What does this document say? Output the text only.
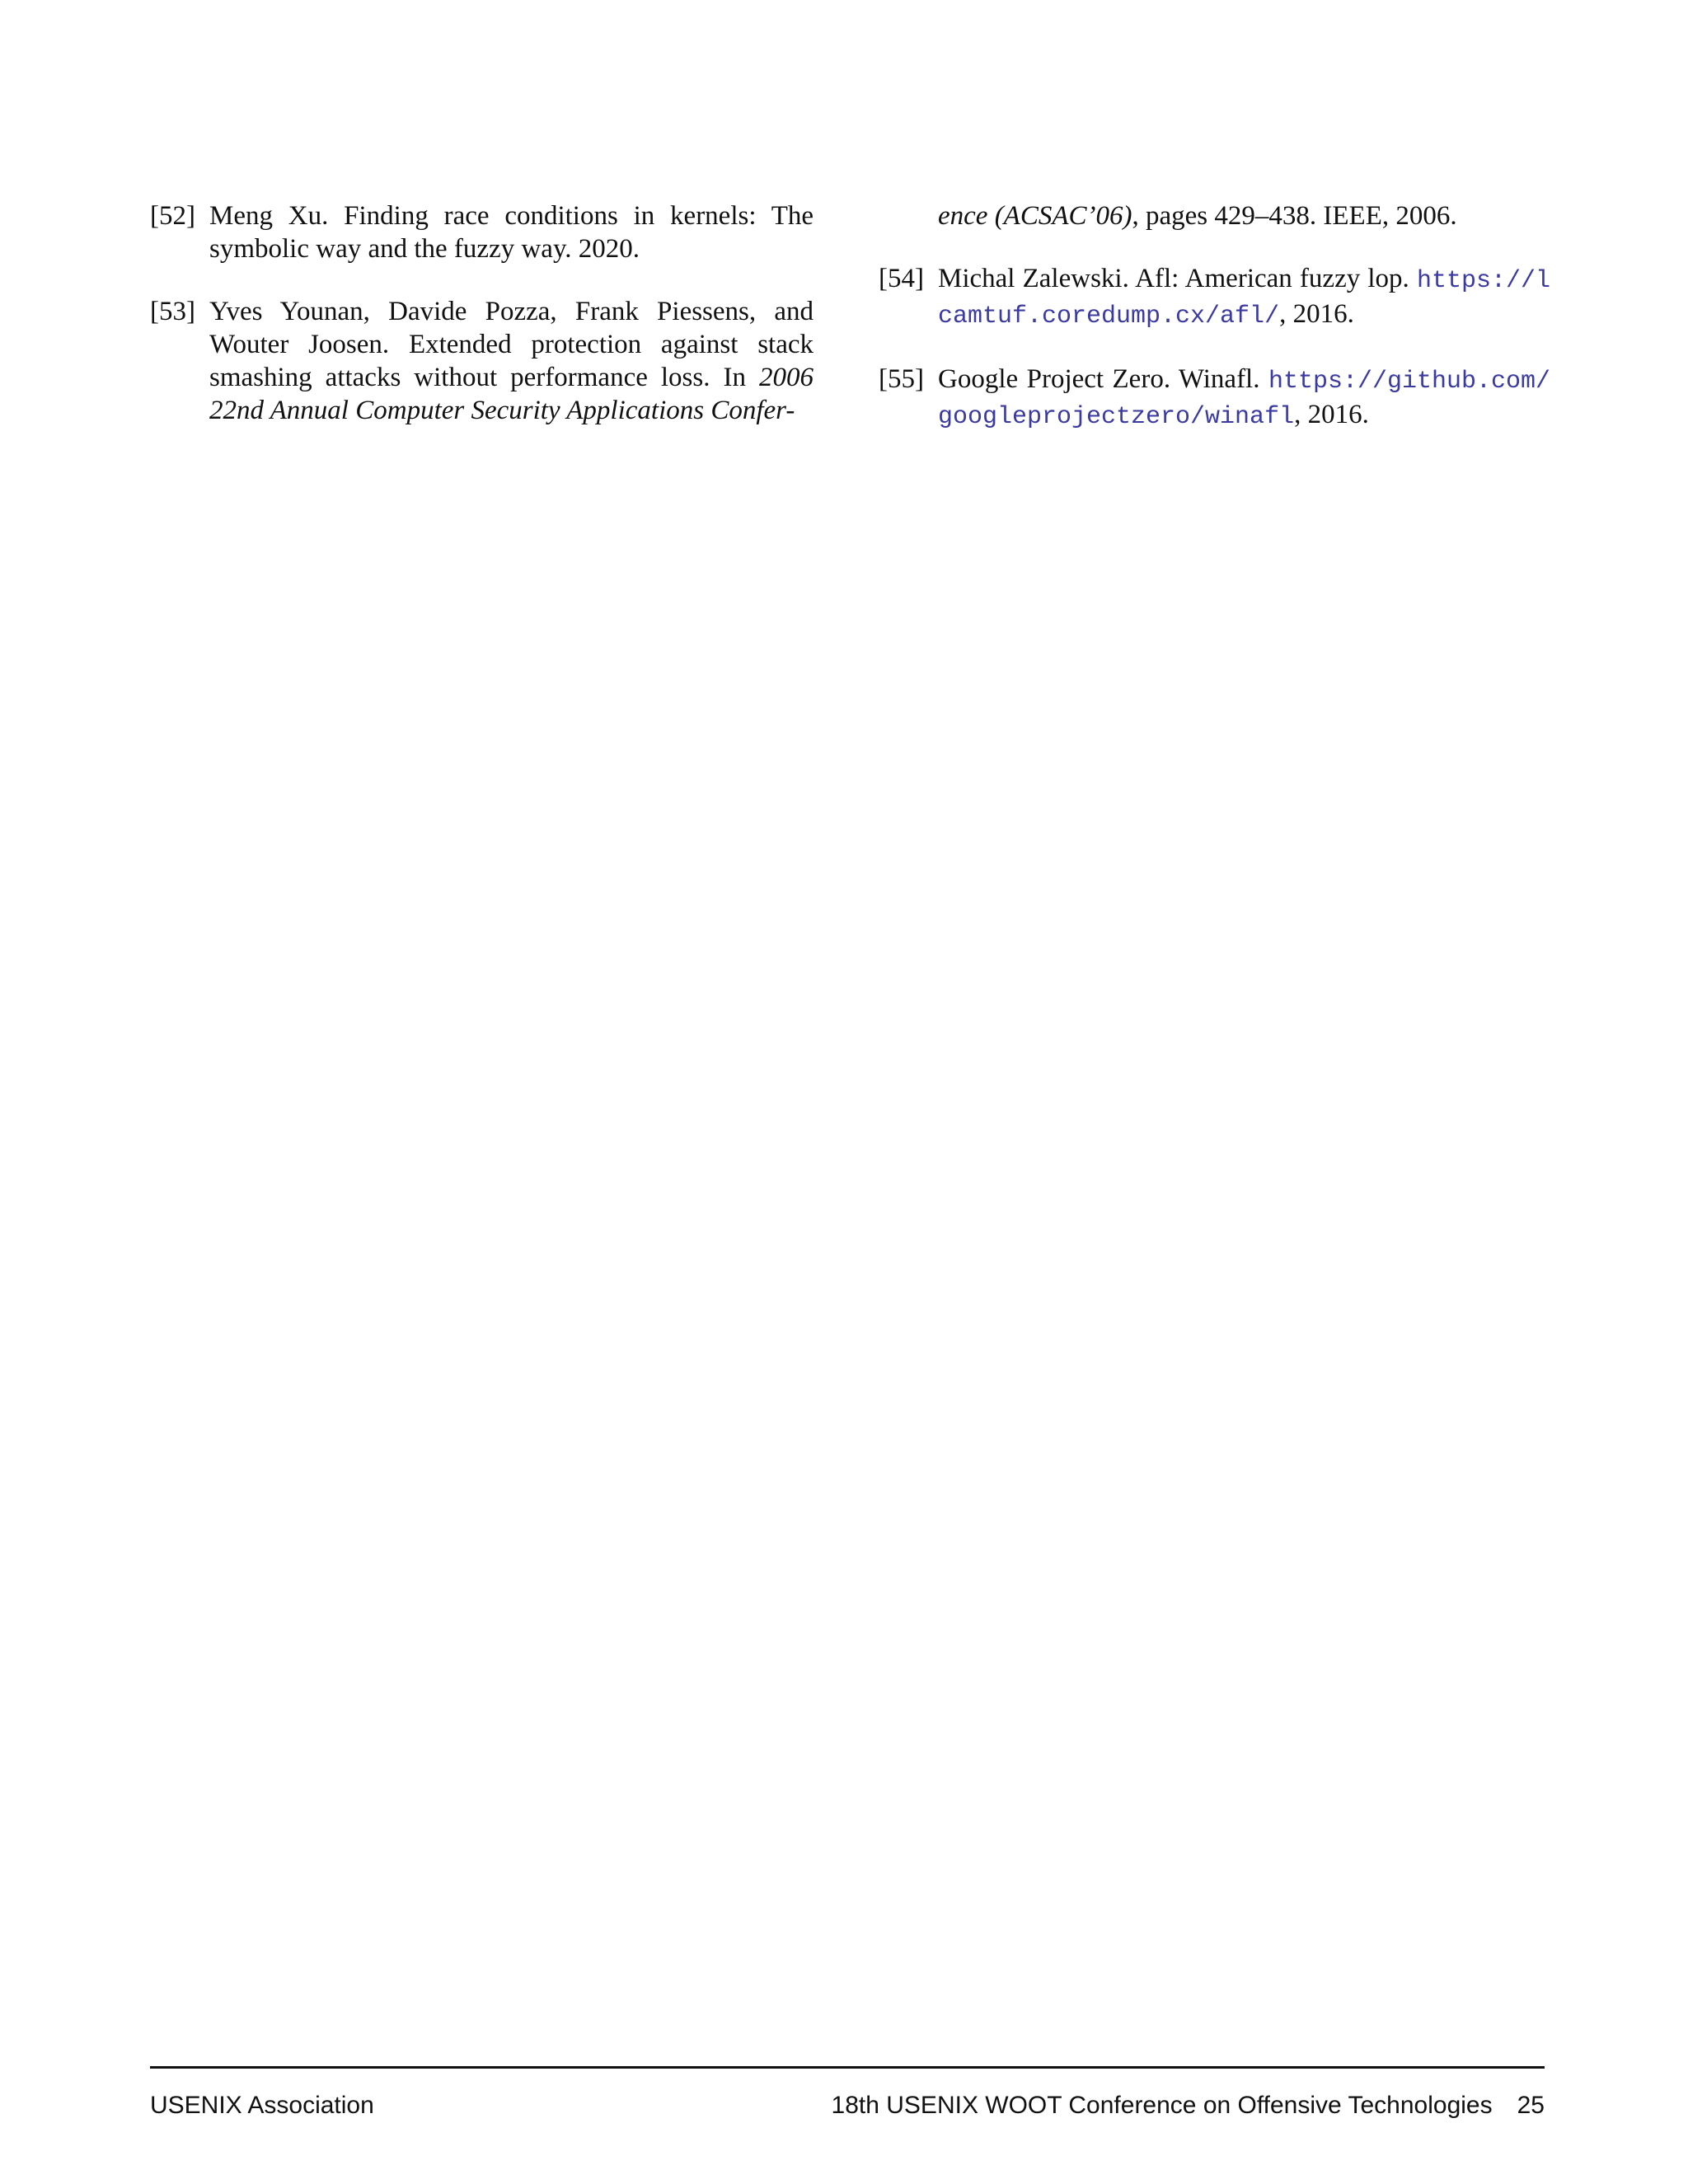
[52] Meng Xu. Finding race conditions in kernels: The symbolic way and the fuzzy way. 2020.
[53] Yves Younan, Davide Pozza, Frank Piessens, and Wouter Joosen. Extended protection against stack smashing attacks without performance loss. In 2006 22nd Annual Computer Security Applications Confer-
ence (ACSAC’06), pages 429–438. IEEE, 2006.
[54] Michal Zalewski. Afl: American fuzzy lop. https://lcamtuf.coredump.cx/afl/, 2016.
[55] Google Project Zero. Winafl. https://github.com/googleprojectzero/winafl, 2016.
USENIX Association	18th USENIX WOOT Conference on Offensive Technologies 25
